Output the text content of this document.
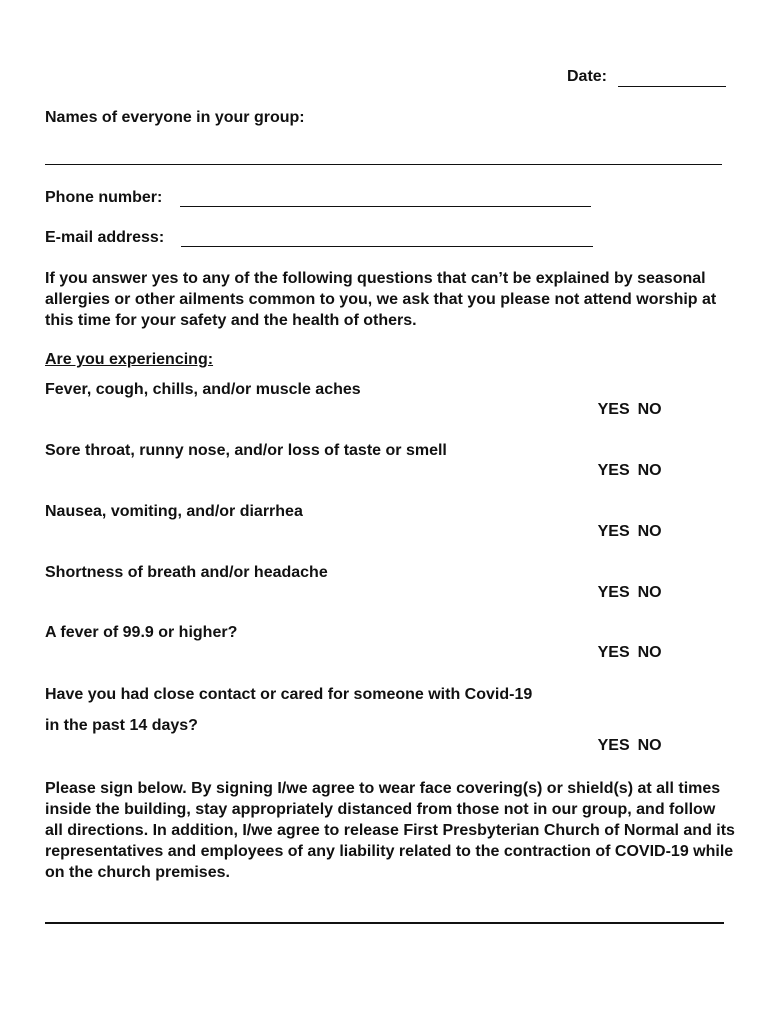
Date:
Names of everyone in your group:
Phone number:
E-mail address:
If you answer yes to any of the following questions that can’t be explained by seasonal allergies or other ailments common to you, we ask that you please not attend worship at this time for your safety and the health of others.
Are you experiencing:
Fever, cough, chills, and/or muscle aches

YES NO

Sore throat, runny nose, and/or loss of taste or smell

YES NO

Nausea, vomiting, and/or diarrhea

YES NO

Shortness of breath and/or headache

YES NO

A fever of 99.9 or higher?

YES NO

Have you had close contact or cared for someone with Covid-19
in the past 14 days?

YES NO

Please sign below. By signing I/we agree to wear face covering(s) or shield(s) at all times inside the building, stay appropriately distanced from those not in our group, and follow all directions. In addition, I/we agree to release First Presbyterian Church of Normal and its representatives and employees of any liability related to the contraction of COVID-19 while on the church premises.
